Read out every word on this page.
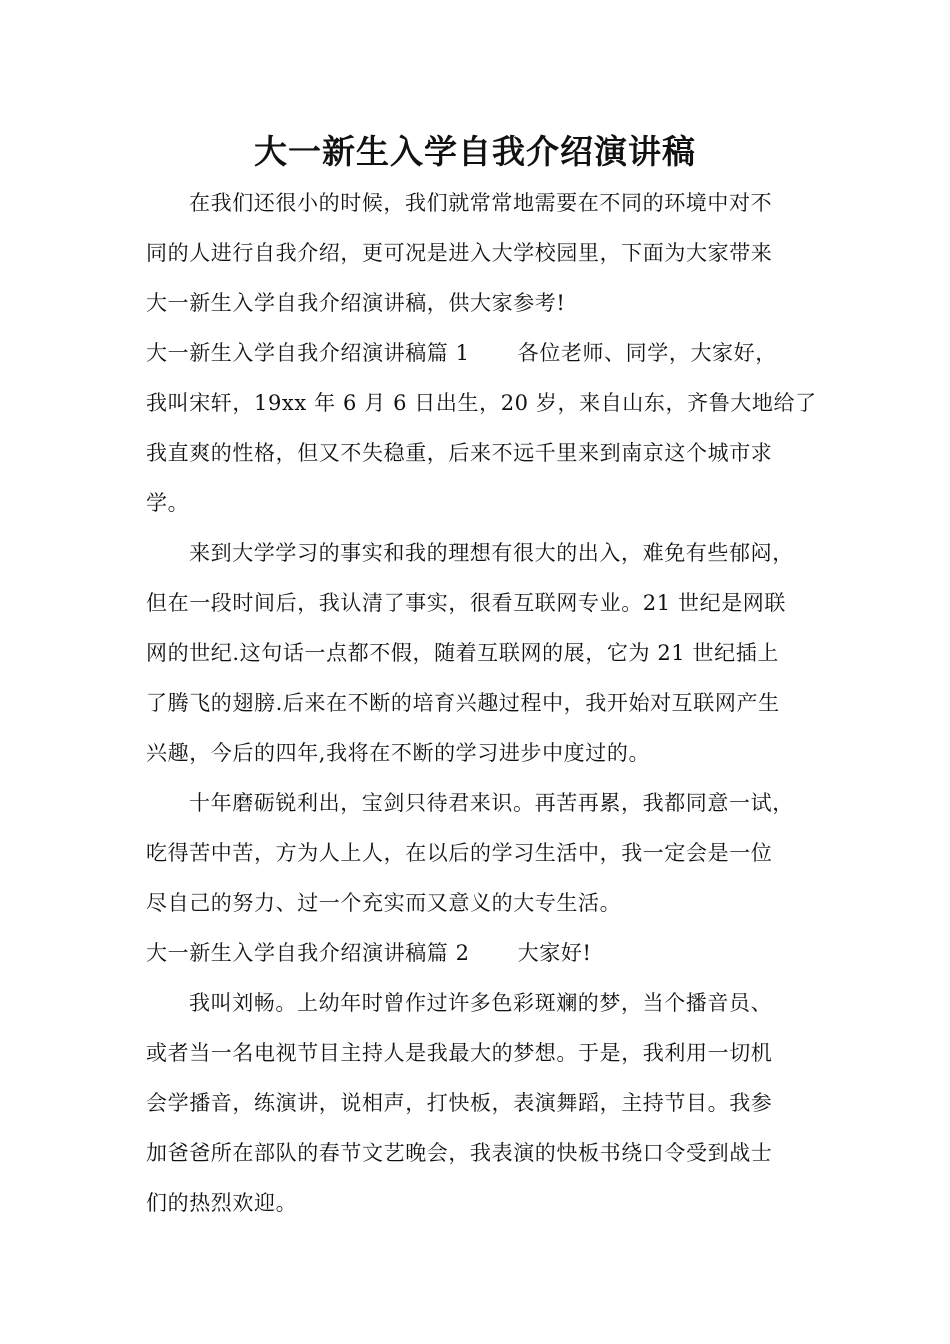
大一新生入学自我介绍演讲稿
在我们还很小的时候，我们就常常地需要在不同的环境中对不
同的人进行自我介绍，更可况是进入大学校园里，下面为大家带来
大一新生入学自我介绍演讲稿，供大家参考!
大一新生入学自我介绍演讲稿篇 1 各位老师、同学，大家好，
我叫宋轩，19xx 年 6 月 6 日出生，20 岁，来自山东，齐鲁大地给了
我直爽的性格，但又不失稳重，后来不远千里来到南京这个城市求
学。
来到大学学习的事实和我的理想有很大的出入，难免有些郁闷，
但在一段时间后，我认清了事实，很看互联网专业。21 世纪是网联
网的世纪.这句话一点都不假，随着互联网的展，它为 21 世纪插上
了腾飞的翅膀.后来在不断的培育兴趣过程中，我开始对互联网产生
兴趣，今后的四年,我将在不断的学习进步中度过的。
十年磨砺锐利出，宝剑只待君来识。再苦再累，我都同意一试，
吃得苦中苦，方为人上人，在以后的学习生活中，我一定会是一位
尽自己的努力、过一个充实而又意义的大专生活。
大一新生入学自我介绍演讲稿篇 2 大家好!
我叫刘畅。上幼年时曾作过许多色彩斑斓的梦，当个播音员、
或者当一名电视节目主持人是我最大的梦想。于是，我利用一切机
会学播音，练演讲，说相声，打快板，表演舞蹈，主持节目。我参
加爸爸所在部队的春节文艺晚会，我表演的快板书绕口令受到战士
们的热烈欢迎。
